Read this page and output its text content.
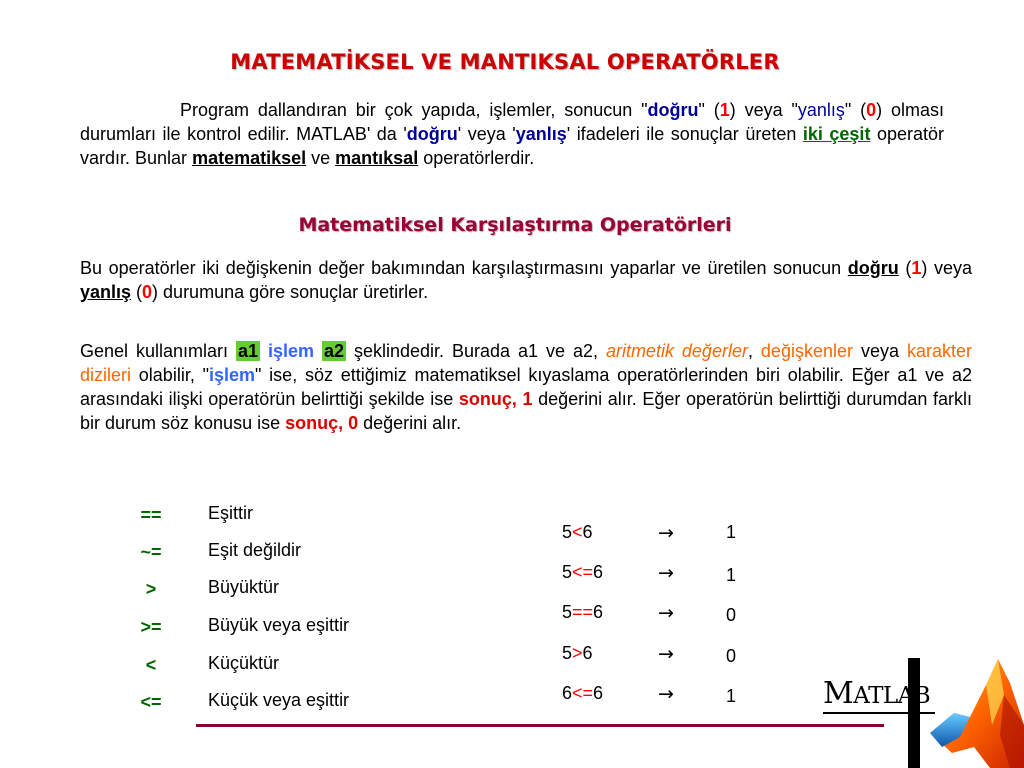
MATEMATİKSEL VE MANTIKSAL OPERATÖRLER
Program dallandıran bir çok yapıda, işlemler, sonucun "doğru" (1) veya "yanlış" (0) olması durumları ile kontrol edilir. MATLAB' da 'doğru' veya 'yanlış' ifadeleri ile sonuçlar üreten iki çeşit operatör vardır. Bunlar matematiksel ve mantıksal operatörlerdir.
Matematiksel Karşılaştırma Operatörleri
Bu operatörler iki değişkenin değer bakımından karşılaştırmasını yaparlar ve üretilen sonucun doğru (1) veya yanlış (0) durumuna göre sonuçlar üretirler.
Genel kullanımları a1 işlem a2 şeklindedir. Burada a1 ve a2, aritmetik değerler, değişkenler veya karakter dizileri olabilir, "işlem" ise, söz ettiğimiz matematiksel kıyaslama operatörlerinden biri olabilir. Eğer a1 ve a2 arasındaki ilişki operatörün belirttiği şekilde ise sonuç, 1 değerini alır. Eğer operatörün belirttiği durumdan farklı bir durum söz konusu ise sonuç, 0 değerini alır.
==	Eşittir
~=	Eşit değildir
>	Büyüktür
>=	Büyük veya eşittir
<	Küçüktür
<=	Küçük veya eşittir
5<6	→	1
5<=6	→	1
5==6	→	0
5>6	→	0
6<=6	→	1	MATLAB
